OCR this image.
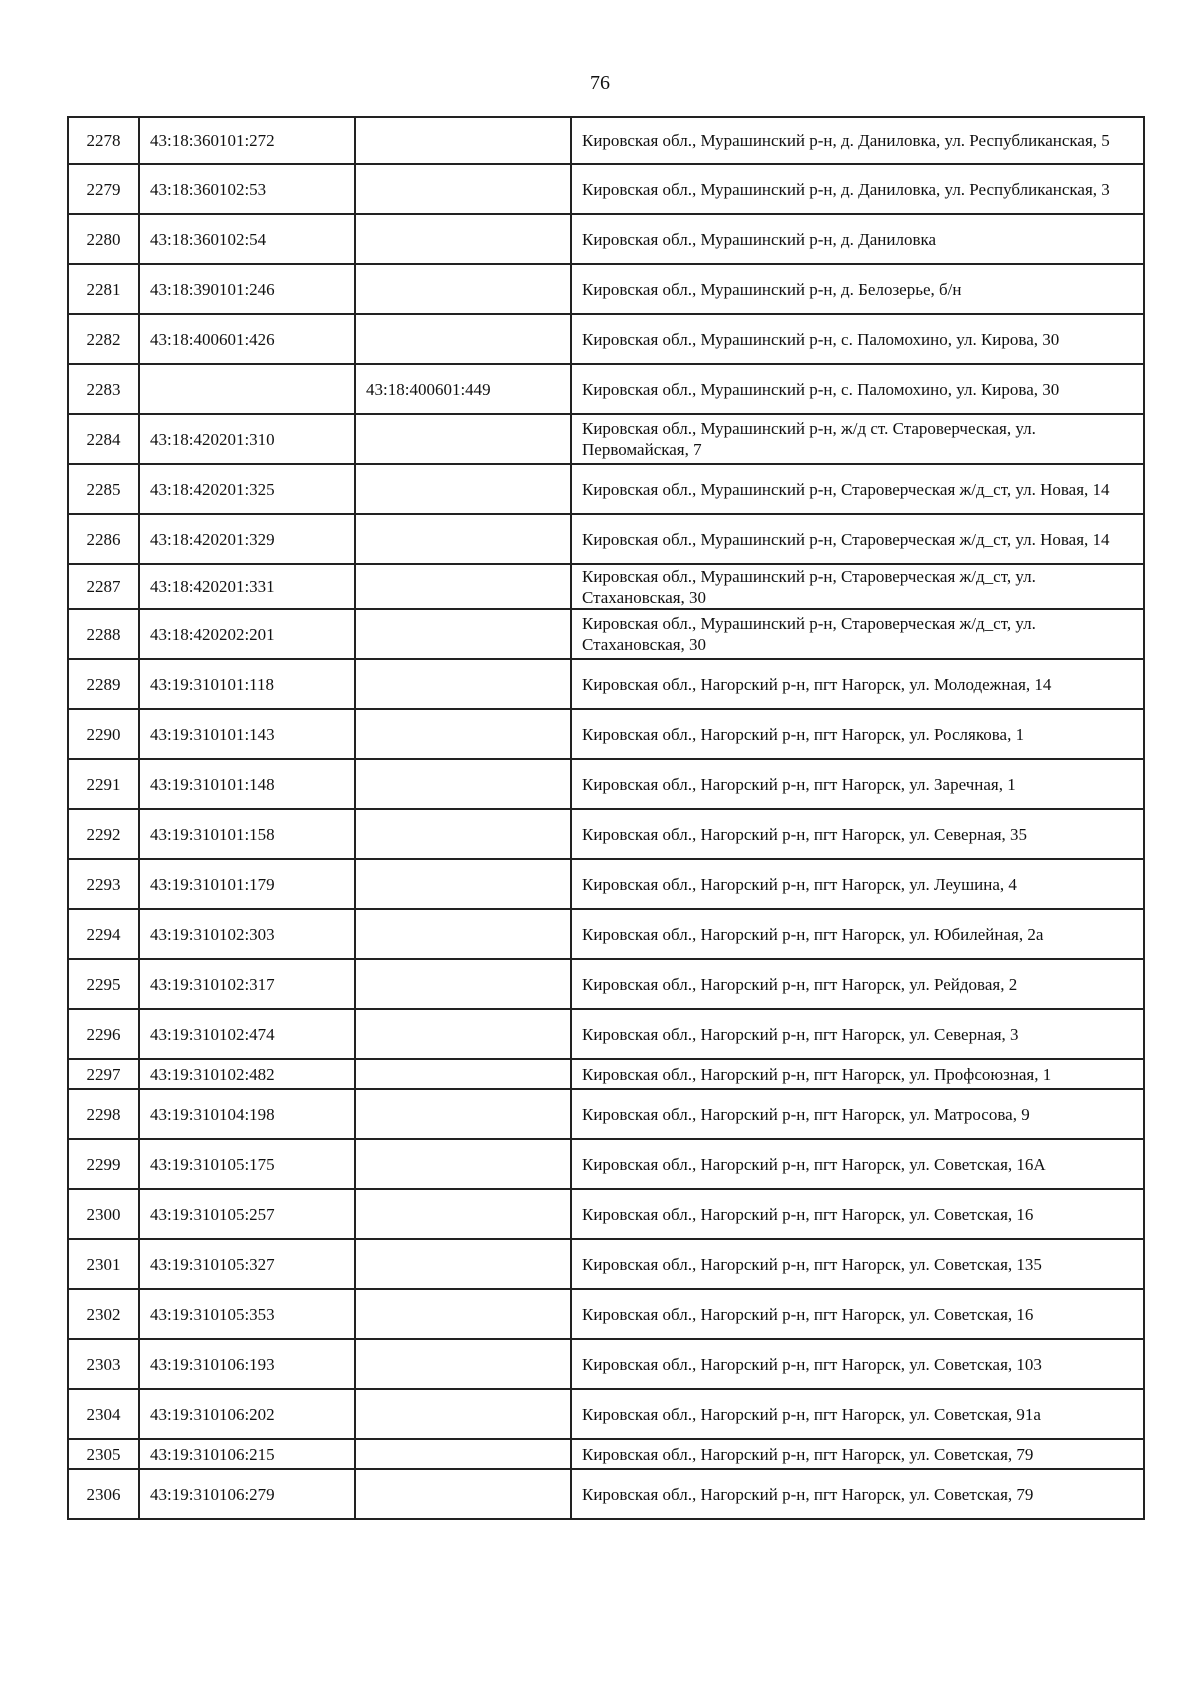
76
2278	43:18:360101:272		Кировская обл., Мурашинский р-н, д. Даниловка, ул. Республиканская, 5
2279	43:18:360102:53		Кировская обл., Мурашинский р-н, д. Даниловка, ул. Республиканская, 3
2280	43:18:360102:54		Кировская обл., Мурашинский р-н, д. Даниловка
2281	43:18:390101:246		Кировская обл., Мурашинский р-н, д. Белозерье, б/н
2282	43:18:400601:426		Кировская обл., Мурашинский р-н, с. Паломохино, ул. Кирова, 30
2283		43:18:400601:449	Кировская обл., Мурашинский р-н, с. Паломохино, ул. Кирова, 30
2284	43:18:420201:310		Кировская обл., Мурашинский р-н, ж/д ст. Староверческая, ул. Первомайская, 7
2285	43:18:420201:325		Кировская обл., Мурашинский р-н, Староверческая ж/д_ст, ул. Новая, 14
2286	43:18:420201:329		Кировская обл., Мурашинский р-н, Староверческая ж/д_ст, ул. Новая, 14
2287	43:18:420201:331		Кировская обл., Мурашинский р-н, Староверческая ж/д_ст, ул. Стахановская, 30
2288	43:18:420202:201		Кировская обл., Мурашинский р-н, Староверческая ж/д_ст, ул. Стахановская, 30
2289	43:19:310101:118		Кировская обл., Нагорский р-н, пгт Нагорск, ул. Молодежная, 14
2290	43:19:310101:143		Кировская обл., Нагорский р-н, пгт Нагорск, ул. Рослякова, 1
2291	43:19:310101:148		Кировская обл., Нагорский р-н, пгт Нагорск, ул. Заречная, 1
2292	43:19:310101:158		Кировская обл., Нагорский р-н, пгт Нагорск, ул. Северная, 35
2293	43:19:310101:179		Кировская обл., Нагорский р-н, пгт Нагорск, ул. Леушина, 4
2294	43:19:310102:303		Кировская обл., Нагорский р-н, пгт Нагорск, ул. Юбилейная, 2а
2295	43:19:310102:317		Кировская обл., Нагорский р-н, пгт Нагорск, ул. Рейдовая, 2
2296	43:19:310102:474		Кировская обл., Нагорский р-н, пгт Нагорск, ул. Северная, 3
2297	43:19:310102:482		Кировская обл., Нагорский р-н, пгт Нагорск, ул. Профсоюзная, 1
2298	43:19:310104:198		Кировская обл., Нагорский р-н, пгт Нагорск, ул. Матросова, 9
2299	43:19:310105:175		Кировская обл., Нагорский р-н, пгт Нагорск, ул. Советская, 16А
2300	43:19:310105:257		Кировская обл., Нагорский р-н, пгт Нагорск, ул. Советская, 16
2301	43:19:310105:327		Кировская обл., Нагорский р-н, пгт Нагорск, ул. Советская, 135
2302	43:19:310105:353		Кировская обл., Нагорский р-н, пгт Нагорск, ул. Советская, 16
2303	43:19:310106:193		Кировская обл., Нагорский р-н, пгт Нагорск, ул. Советская, 103
2304	43:19:310106:202		Кировская обл., Нагорский р-н, пгт Нагорск, ул. Советская, 91а
2305	43:19:310106:215		Кировская обл., Нагорский р-н, пгт Нагорск, ул. Советская, 79
2306	43:19:310106:279		Кировская обл., Нагорский р-н, пгт Нагорск, ул. Советская, 79
